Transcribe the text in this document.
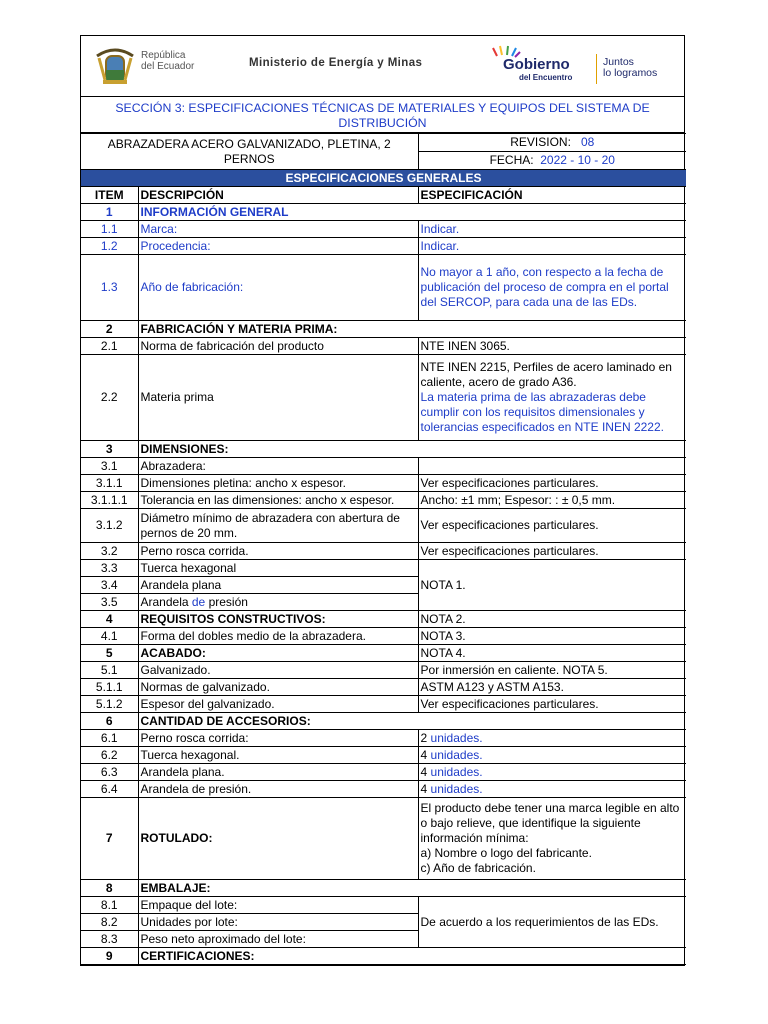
República
del Ecuador	Ministerio de Energía y Minas	Gobierno
del Encuentro
Juntos
lo logramos
SECCIÓN 3: ESPECIFICACIONES TÉCNICAS DE MATERIALES Y EQUIPOS DEL SISTEMA DE DISTRIBUCIÓN
ABRAZADERA ACERO GALVANIZADO, PLETINA, 2 PERNOS		REVISION: 08
FECHA: 2022 - 10 - 20

ESPECIFICACIONES GENERALES		
ITEM	DESCRIPCIÓN	ESPECIFICACIÓN
1	INFORMACIÓN GENERAL	
1.1	Marca:	Indicar.
1.2	Procedencia:	Indicar.
1.3	Año de fabricación:	No mayor a 1 año, con respecto a la fecha de publicación del proceso de compra en el portal del SERCOP, para cada una de las EDs.
2	FABRICACIÓN Y MATERIA PRIMA:	
2.1	Norma de fabricación del producto	NTE INEN 3065.
2.2	Materia prima	NTE INEN 2215, Perfiles de acero laminado en caliente, acero de grado A36.
La materia prima de las abrazaderas debe cumplir con los requisitos dimensionales y tolerancias especificados en NTE INEN 2222.

3	DIMENSIONES:	
3.1	Abrazadera:	
3.1.1	Dimensiones pletina: ancho x espesor.	Ver especificaciones particulares.
3.1.1.1	Tolerancia en las dimensiones: ancho x espesor.	Ancho: ±1 mm; Espesor: : ± 0,5 mm.
3.1.2	Diámetro mínimo de abrazadera con abertura de pernos de 20 mm.	Ver especificaciones particulares.
3.2	Perno rosca corrida.	Ver especificaciones particulares.
3.3	Tuerca hexagonal	NOTA 1.
3.4	Arandela plana	
3.5	Arandela de presión	
4	REQUISITOS CONSTRUCTIVOS:	NOTA 2.
4.1	Forma del dobles medio de la abrazadera.	NOTA 3.
5	ACABADO:	NOTA 4.
5.1	Galvanizado.	Por inmersión en caliente. NOTA 5.
5.1.1	Normas de galvanizado.	ASTM A123 y ASTM A153.
5.1.2	Espesor del galvanizado.	Ver especificaciones particulares.
6	CANTIDAD DE ACCESORIOS:	
6.1	Perno rosca corrida:	2 unidades.
6.2	Tuerca hexagonal.	4 unidades.
6.3	Arandela plana.	4 unidades.
6.4	Arandela de presión.	4 unidades.
7	ROTULADO:	El producto debe tener una marca legible en alto o bajo relieve, que identifique la siguiente información mínima:
a) Nombre o logo del fabricante.
c) Año de fabricación.

8	EMBALAJE:	
8.1	Empaque del lote:	De acuerdo a los requerimientos de las EDs.
8.2	Unidades por lote:	
8.3	Peso neto aproximado del lote:	
9	CERTIFICACIONES:	
